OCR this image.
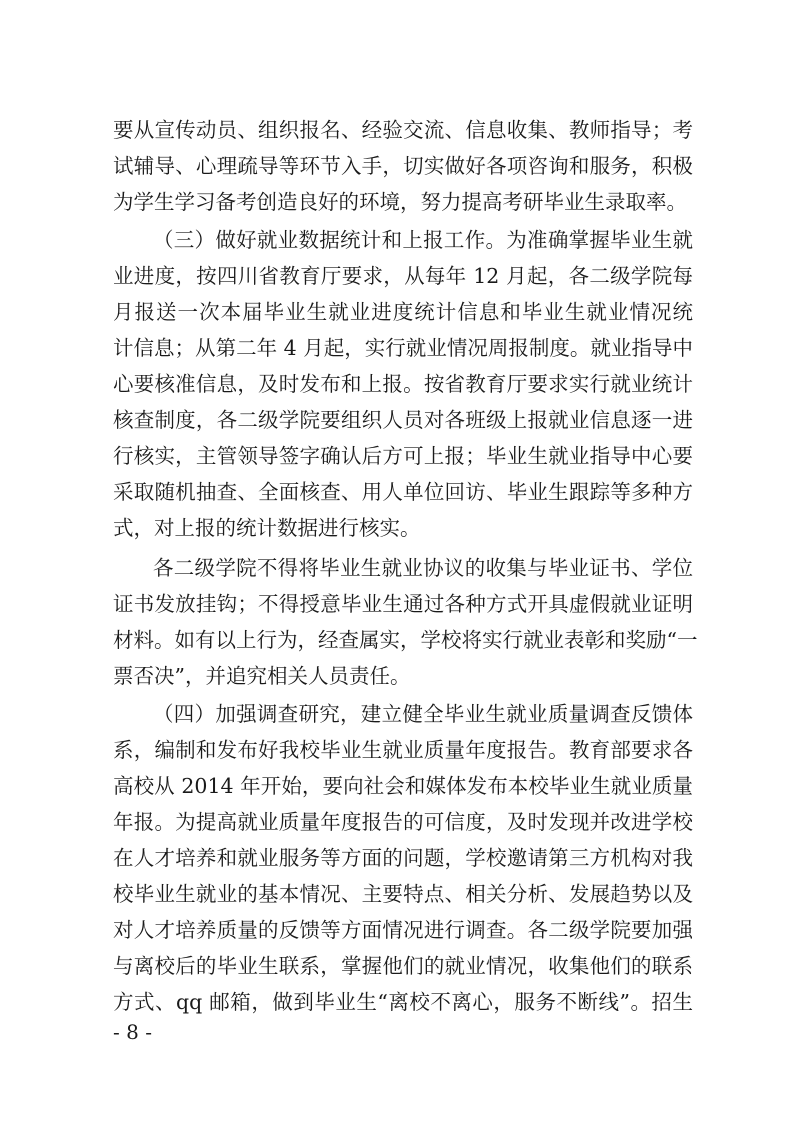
要从宣传动员、组织报名、经验交流、信息收集、教师指导；考
试辅导、心理疏导等环节入手，切实做好各项咨询和服务，积极
为学生学习备考创造良好的环境，努力提高考研毕业生录取率。
（三）做好就业数据统计和上报工作。为准确掌握毕业生就
业进度，按四川省教育厅要求，从每年 12 月起，各二级学院每
月报送一次本届毕业生就业进度统计信息和毕业生就业情况统
计信息；从第二年 4 月起，实行就业情况周报制度。就业指导中
心要核准信息，及时发布和上报。按省教育厅要求实行就业统计
核查制度，各二级学院要组织人员对各班级上报就业信息逐一进
行核实，主管领导签字确认后方可上报；毕业生就业指导中心要
采取随机抽查、全面核查、用人单位回访、毕业生跟踪等多种方
式，对上报的统计数据进行核实。
各二级学院不得将毕业生就业协议的收集与毕业证书、学位
证书发放挂钩；不得授意毕业生通过各种方式开具虚假就业证明
材料。如有以上行为，经查属实，学校将实行就业表彰和奖励“一
票否决”，并追究相关人员责任。
（四）加强调查研究，建立健全毕业生就业质量调查反馈体
系，编制和发布好我校毕业生就业质量年度报告。教育部要求各
高校从 2014 年开始，要向社会和媒体发布本校毕业生就业质量
年报。为提高就业质量年度报告的可信度，及时发现并改进学校
在人才培养和就业服务等方面的问题，学校邀请第三方机构对我
校毕业生就业的基本情况、主要特点、相关分析、发展趋势以及
对人才培养质量的反馈等方面情况进行调查。各二级学院要加强
与离校后的毕业生联系，掌握他们的就业情况，收集他们的联系
方式、qq 邮箱，做到毕业生“离校不离心，服务不断线”。招生
- 8 -
